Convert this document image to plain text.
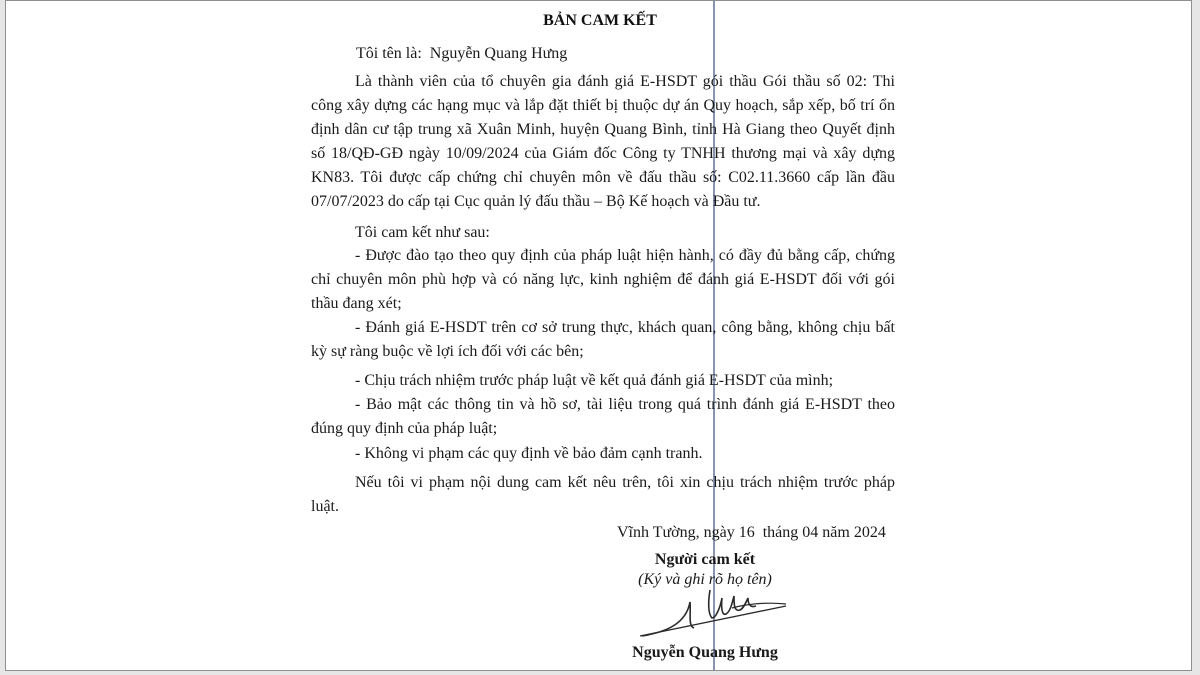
BẢN CAM KẾT
Tôi tên là:  Nguyễn Quang Hưng

Là thành viên của tổ chuyên gia đánh giá E-HSDT gói thầu Gói thầu số 02: Thi công xây dựng các hạng mục và lắp đặt thiết bị thuộc dự án Quy hoạch, sắp xếp, bố trí ổn định dân cư tập trung xã Xuân Minh, huyện Quang Bình, tỉnh Hà Giang theo Quyết định số 18/QĐ-GĐ ngày 10/09/2024 của Giám đốc Công ty TNHH thương mại và xây dựng KN83. Tôi được cấp chứng chỉ chuyên môn về đấu thầu số: C02.11.3660 cấp lần đầu 07/07/2023 do cấp tại Cục quản lý đấu thầu – Bộ Kế hoạch và Đầu tư.

Tôi cam kết như sau:

- Được đào tạo theo quy định của pháp luật hiện hành, có đầy đủ bằng cấp, chứng chỉ chuyên môn phù hợp và có năng lực, kinh nghiệm để đánh giá E-HSDT đối với gói thầu đang xét;

- Đánh giá E-HSDT trên cơ sở trung thực, khách quan, công bằng, không chịu bất kỳ sự ràng buộc về lợi ích đối với các bên;

- Chịu trách nhiệm trước pháp luật về kết quả đánh giá E-HSDT của mình;

- Bảo mật các thông tin và hồ sơ, tài liệu trong quá trình đánh giá E-HSDT theo đúng quy định của pháp luật;

- Không vi phạm các quy định về bảo đảm cạnh tranh.

Nếu tôi vi phạm nội dung cam kết nêu trên, tôi xin chịu trách nhiệm trước pháp luật.

Vĩnh Tường, ngày 16  tháng 04 năm 2024
Người cam kết
(Ký và ghi rõ họ tên)
Nguyễn Quang Hưng
